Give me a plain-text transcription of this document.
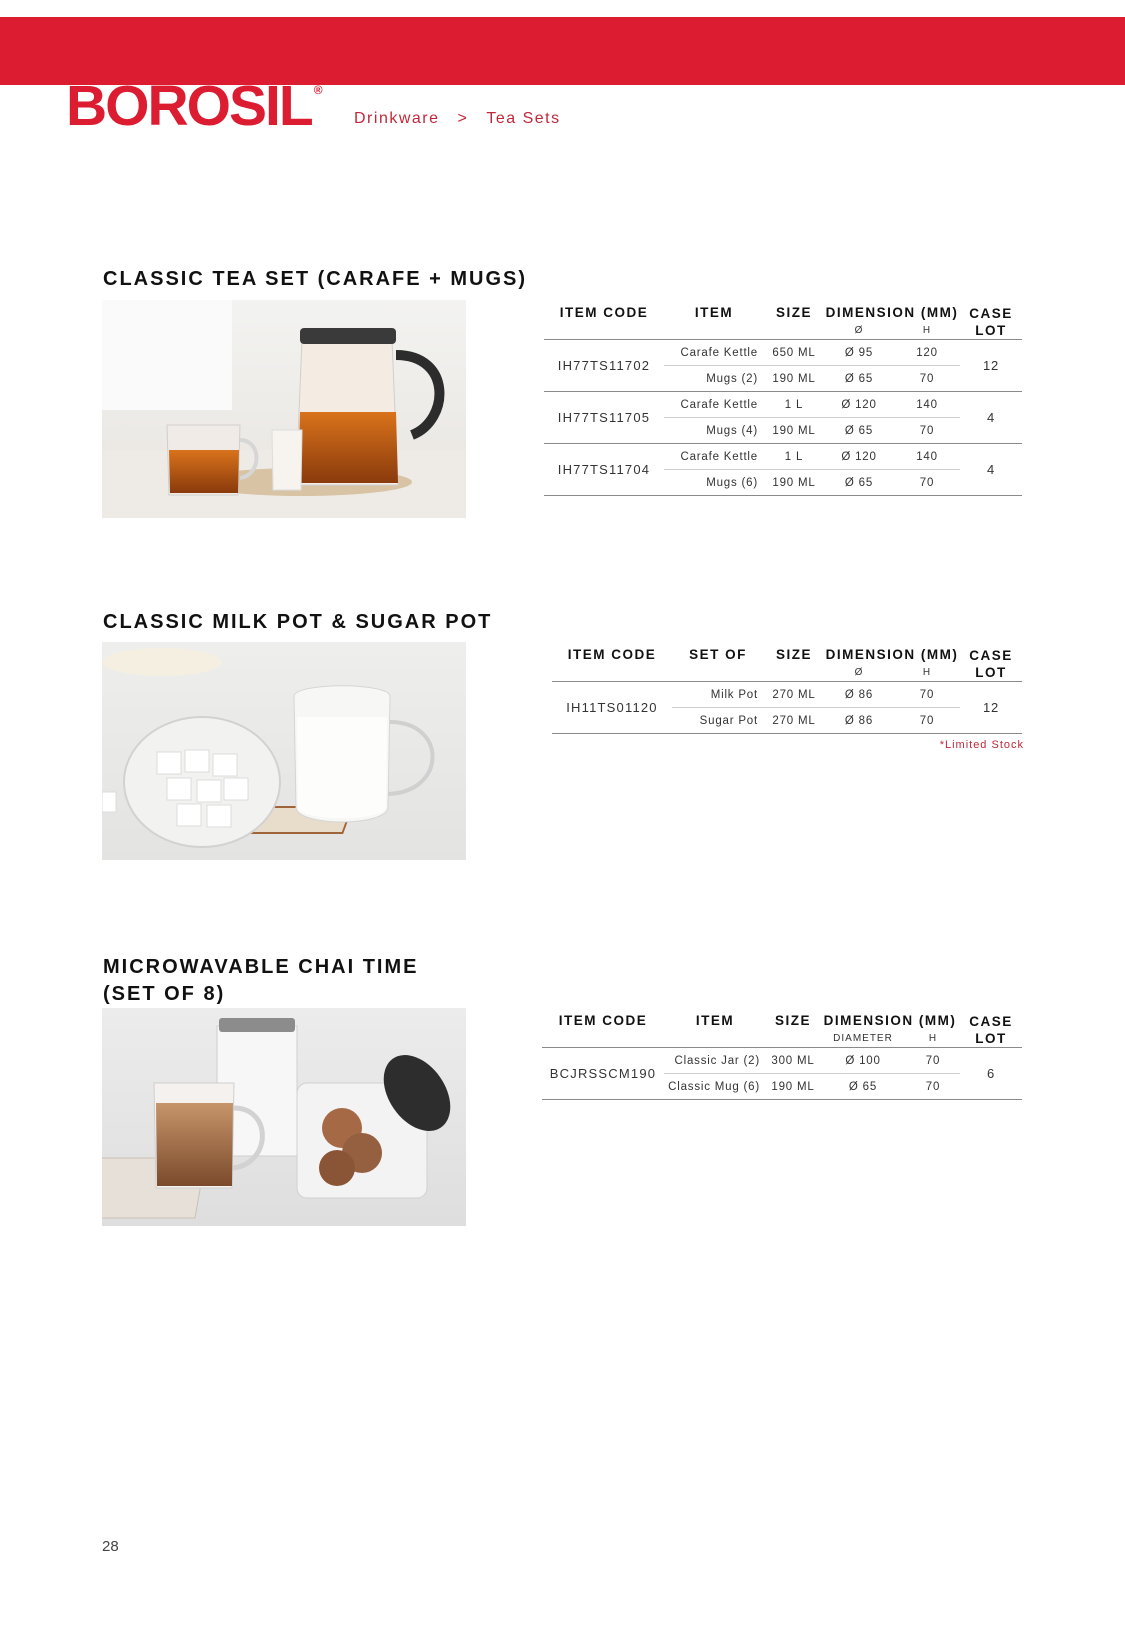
BOROSIL ®
Drinkware > Tea Sets
CLASSIC TEA SET (CARAFE + MUGS)
ITEM CODE	ITEM	SIZE	DIMENSION (MM)		CASE LOT
			Ø	H	
IH77TS11702	Carafe Kettle	650 ML	Ø 95	120	12
	Mugs (2)	190 ML	Ø 65	70	
IH77TS11705	Carafe Kettle	1 L	Ø 120	140	4
	Mugs (4)	190 ML	Ø 65	70	
IH77TS11704	Carafe Kettle	1 L	Ø 120	140	4
	Mugs (6)	190 ML	Ø 65	70	
CLASSIC MILK POT & SUGAR POT
ITEM CODE	SET OF	SIZE	DIMENSION (MM)		CASE LOT
			Ø	H	
IH11TS01120	Milk Pot	270 ML	Ø 86	70	12
	Sugar Pot	270 ML	Ø 86	70	
*Limited Stock
MICROWAVABLE CHAI TIME
(SET OF 8)
ITEM CODE	ITEM	SIZE	DIMENSION (MM)		CASE LOT
			DIAMETER	H	
BCJRSSCM190	Classic Jar (2)	300 ML	Ø 100	70	6
	Classic Mug (6)	190 ML	Ø 65	70	
28
